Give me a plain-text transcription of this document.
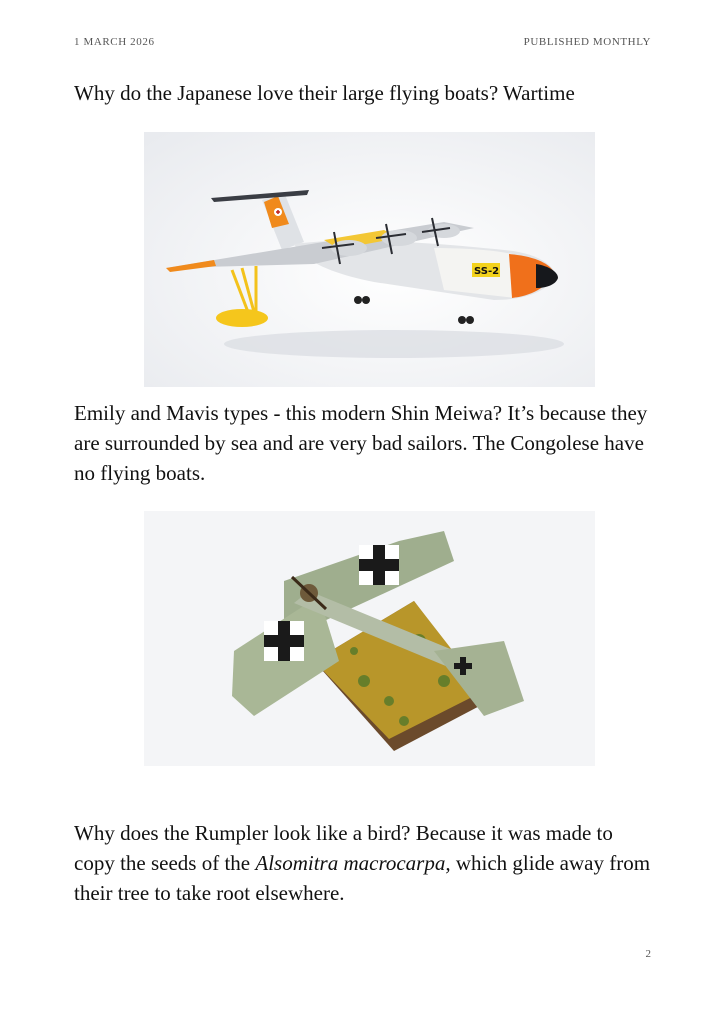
1 MARCH 2026	PUBLISHED MONTHLY

Why do the Japanese love their large flying boats? Wartime

SS-2

Emily and Mavis types - this modern Shin Meiwa? It’s because they are surrounded by sea and are very bad sailors. The Congolese have no flying boats.

Why does the Rumpler look like a bird? Because it was made to copy the seeds of the Alsomitra macrocarpa, which glide away from their tree to take root elsewhere.

2
